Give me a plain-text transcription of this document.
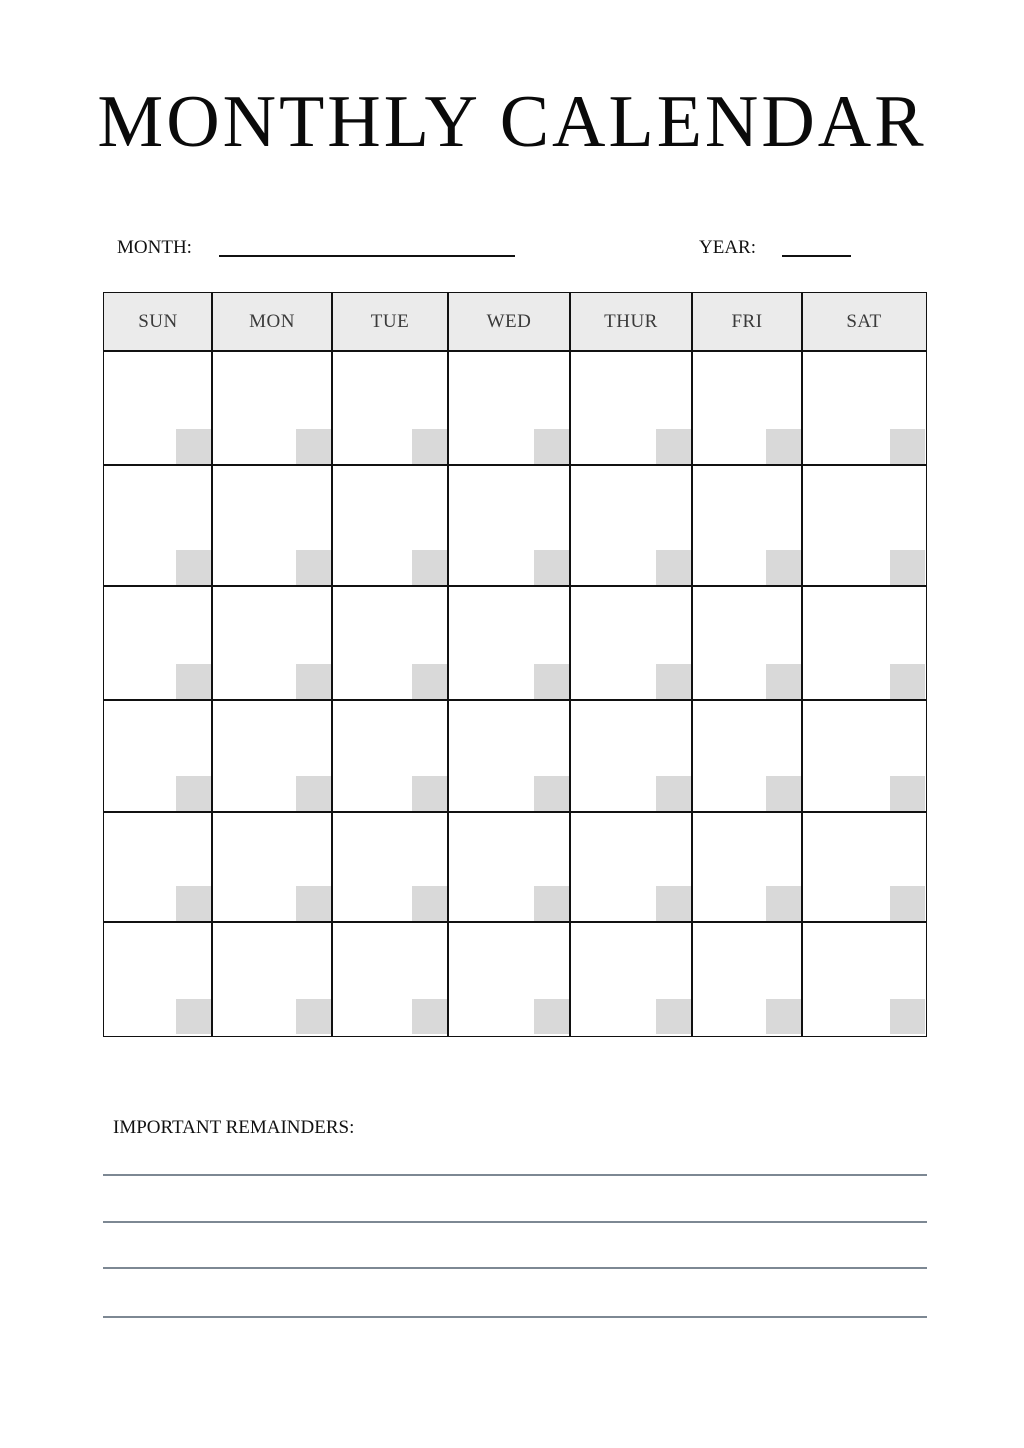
MONTHLY CALENDAR
MONTH:	YEAR:
SUN	MON	TUE	WED	THUR	FRI	SAT
IMPORTANT REMAINDERS:
